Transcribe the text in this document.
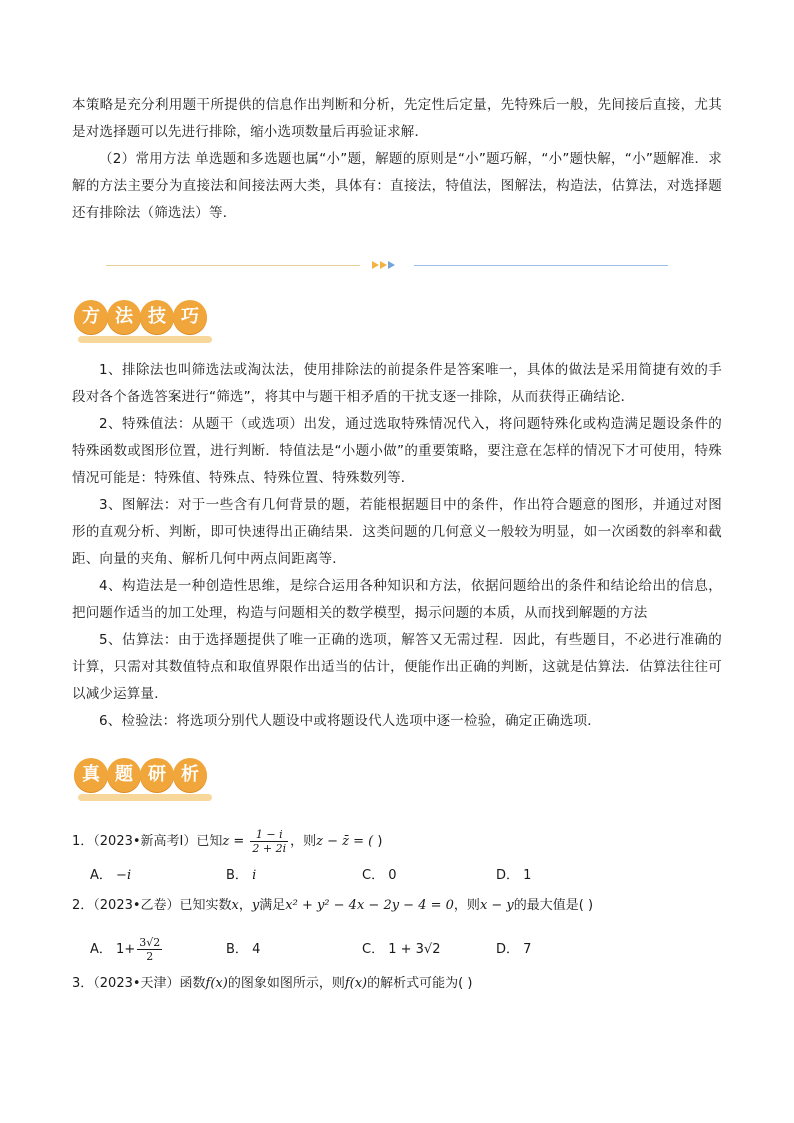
本策略是充分利用题干所提供的信息作出判断和分析，先定性后定量，先特殊后一般，先间接后直接，尤其是对选择题可以先进行排除，缩小选项数量后再验证求解．

（2）常用方法 单选题和多选题也属“小”题，解题的原则是“小”题巧解，“小”题快解，“小”题解准．求解的方法主要分为直接法和间接法两大类，具体有：直接法，特值法，图解法，构造法，估算法，对选择题还有排除法（筛选法）等．

方 法 技 巧

1、排除法也叫筛选法或淘汰法，使用排除法的前提条件是答案唯一，具体的做法是采用简捷有效的手段对各个备选答案进行“筛选”，将其中与题干相矛盾的干扰支逐一排除，从而获得正确结论．

2、特殊值法：从题干（或选项）出发，通过选取特殊情况代入，将问题特殊化或构造满足题设条件的特殊函数或图形位置，进行判断．特值法是“小题小做”的重要策略，要注意在怎样的情况下才可使用，特殊情况可能是：特殊值、特殊点、特殊位置、特殊数列等．

3、图解法：对于一些含有几何背景的题，若能根据题目中的条件，作出符合题意的图形，并通过对图形的直观分析、判断，即可快速得出正确结果．这类问题的几何意义一般较为明显，如一次函数的斜率和截距、向量的夹角、解析几何中两点间距离等．

4、构造法是一种创造性思维，是综合运用各种知识和方法，依据问题给出的条件和结论给出的信息，把问题作适当的加工处理，构造与问题相关的数学模型，揭示问题的本质，从而找到解题的方法

5、估算法：由于选择题提供了唯一正确的选项，解答又无需过程．因此，有些题目，不必进行准确的计算，只需对其数值特点和取值界限作出适当的估计，便能作出正确的判断，这就是估算法．估算法往往可以减少运算量．

6、检验法：将选项分别代人题设中或将题设代人选项中逐一检验，确定正确选项．

真 题 研 析
1．（2023•新高考Ⅰ）已知$z = \frac{1 - i}{2 + 2i}$ ，则z − z̄ = ( )
A． −i	B． i	C． 0	D． 1
2．（2023•乙卷）已知实数x，y满足x² + y² − 4x − 2y − 4 = 0，则x − y的最大值是( )
A． $1+ \frac{3√2}{2}$	B． 4	C． 1 + 3√2	D． 7
3．（2023•天津）函数f(x)的图象如图所示，则f(x)的解析式可能为( )
